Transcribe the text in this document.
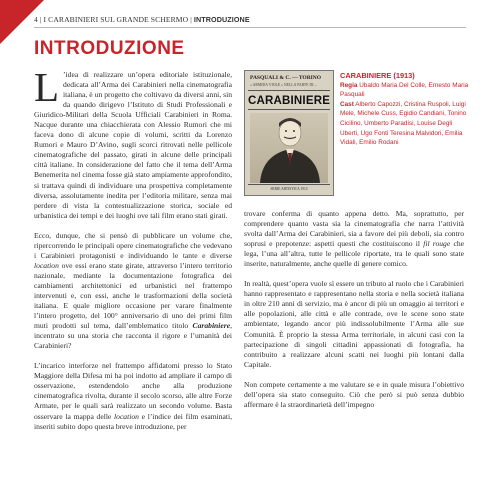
4 | I CARABINIERI SUL GRANDE SCHERMO | INTRODUZIONE
INTRODUZIONE

L ’idea di realizzare un’opera editoriale istituzionale, dedicata all’Arma dei Carabinieri nella cinematografia italiana, è un progetto che coltivavo da diversi anni, sin da quando dirigevo l’Istituto di Studi Professionali e Giuridico-Militari della Scuola Ufficiali Carabinieri in Roma. Nacque durante una chiacchierata con Alessio Rumori che mi faceva dono di alcune copie di volumi, scritti da Lorenzo Rumori e Mauro D’Avino, sugli scorci ritrovati nelle pellicole cinematografiche del passato, girati in alcune delle principali città italiane. In considerazione del fatto che il tema dell’Arma Benemerita nel cinema fosse già stato ampiamente approfondito, si trattava quindi di individuare una prospettiva completamente diversa, assolutamente inedita per l’editoria militare, senza mai perdere di vista la contestualizzazione storica, sociale ed urbanistica dei tempi e dei luoghi ove tali film erano stati girati.

Ecco, dunque, che si pensò di pubblicare un volume che, ripercorrendo le principali opere cinematografiche che vedevano i Carabinieri protagonisti e individuando le tante e diverse location ove essi erano state girate, attraverso l’intero territorio nazionale, mediante la documentazione fotografica dei cambiamenti architettonici ed urbanistici nel frattempo intervenuti e, con essi, anche le trasformazioni della società italiana. E quale migliore occasione per varare finalmente l’intero progetto, del 100° anniversario di uno dei primi film muti prodotti sul tema, dall’emblematico titolo Carabiniere, incentrato su una storia che racconta il rigore e l’umanità dei Carabinieri?

L’incarico interforze nel frattempo affidatomi presso lo Stato Maggiore della Difesa mi ha poi indotto ad ampliare il campo di osservazione, estendendolo anche alla produzione cinematografica rivolta, durante il secolo scorso, alle altre Forze Armate, per le quali sarà realizzato un secondo volume. Basta osservare la mappa delle location e l’indice dei film esaminati, inseriti subito dopo questa breve introduzione, per

PASQUALI & C. — TORINO
« ARMIDA VIOLE » NELLA PARTE DI ...
CARABINIERE
SERIE ARTISTICA 1913
CARABINIERE (1913)
Regia Ubaldo Maria Del Colle, Ernesto Maria Pasquali
Cast Alberto Capozzi, Cristina Ruspoli, Luigi Mele, Michele Cuss, Egidio Candiani, Tonino Cicilino, Umberto Paradisi, Louise Degli Uberti, Ugo Fonti Teresina Malvidori, Emilia Vidali, Emilio Rodani

trovare conferma di quanto appena detto. Ma, soprattutto, per comprendere quanto vasta sia la cinematografia che narra l’attività svolta dall’Arma dei Carabinieri, sia a favore dei più deboli, sia contro soprusi e prepotenze: aspetti questi che costituiscono il fil rouge che lega, l’una all’altra, tutte le pellicole riportate, tra le quali sono state inserite, naturalmente, anche quelle di genere comico.

In realtà, quest’opera vuole sì essere un tributo al ruolo che i Carabinieri hanno rappresentato e rappresentano nella storia e nella società italiana in oltre 210 anni di servizio, ma è ancor di più un omaggio ai territori e alle popolazioni, alle città e alle contrade, ove le scene sono state ambientate, legando ancor più indissolubilmente l’Arma alle sue Comunità. È proprio la stessa Arma territoriale, in alcuni casi con la partecipazione di singoli cittadini appassionati di fotografia, ha contribuito a realizzare alcuni scatti nei luoghi più lontani dalla Capitale.

Non compete certamente a me valutare se e in quale misura l’obiettivo dell’opera sia stato conseguito. Ciò che però si può senza dubbio affermare è la straordinarietà dell’impegno
